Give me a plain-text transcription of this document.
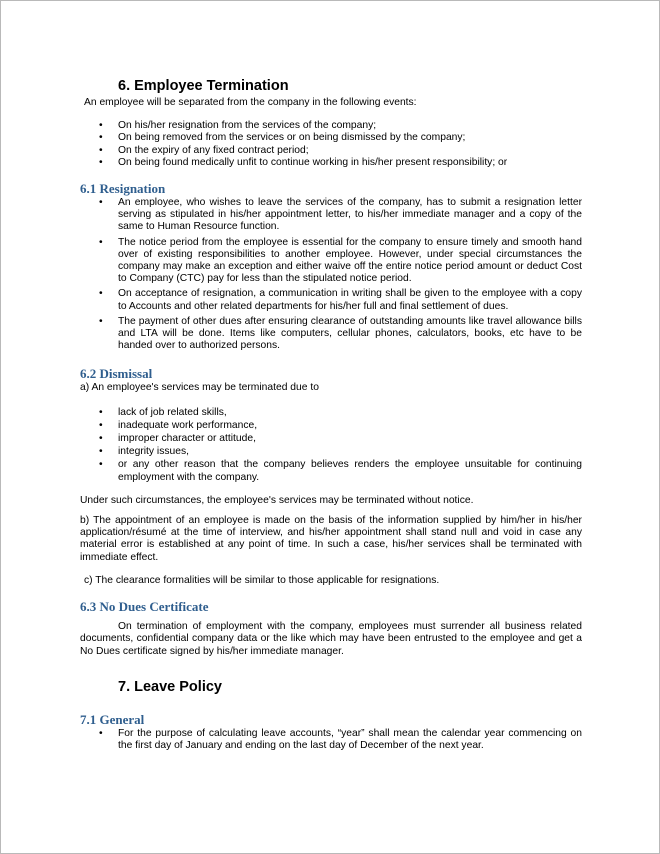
6. Employee Termination

An employee will be separated from the company in the following events:

• On his/her resignation from the services of the company;
• On being removed from the services or on being dismissed by the company;
• On the expiry of any fixed contract period;
• On being found medically unfit to continue working in his/her present responsibility; or
6.1 Resignation
• An employee, who wishes to leave the services of the company, has to submit a resignation letter serving as stipulated in his/her appointment letter, to his/her immediate manager and a copy of the same to Human Resource function.
• The notice period from the employee is essential for the company to ensure timely and smooth hand over of existing responsibilities to another employee. However, under special circumstances the company may make an exception and either waive off the entire notice period amount or deduct Cost to Company (CTC) pay for less than the stipulated notice period.
• On acceptance of resignation, a communication in writing shall be given to the employee with a copy to Accounts and other related departments for his/her full and final settlement of dues.
• The payment of other dues after ensuring clearance of outstanding amounts like travel allowance bills and LTA will be done. Items like computers, cellular phones, calculators, books, etc have to be handed over to authorized persons.
6.2 Dismissal

a) An employee's services may be terminated due to

• lack of job related skills,
• inadequate work performance,
• improper character or attitude,
• integrity issues,
• or any other reason that the company believes renders the employee unsuitable for continuing employment with the company.

Under such circumstances, the employee's services may be terminated without notice.

b) The appointment of an employee is made on the basis of the information supplied by him/her in his/her application/résumé at the time of interview, and his/her appointment shall stand null and void in case any material error is established at any point of time. In such a case, his/her services shall be terminated with immediate effect.

c) The clearance formalities will be similar to those applicable for resignations.

6.3 No Dues Certificate

On termination of employment with the company, employees must surrender all business related documents, confidential company data or the like which may have been entrusted to the employee and get a No Dues certificate signed by his/her immediate manager.

7. Leave Policy
7.1 General
• For the purpose of calculating leave accounts, “year” shall mean the calendar year commencing on the first day of January and ending on the last day of December of the next year.
